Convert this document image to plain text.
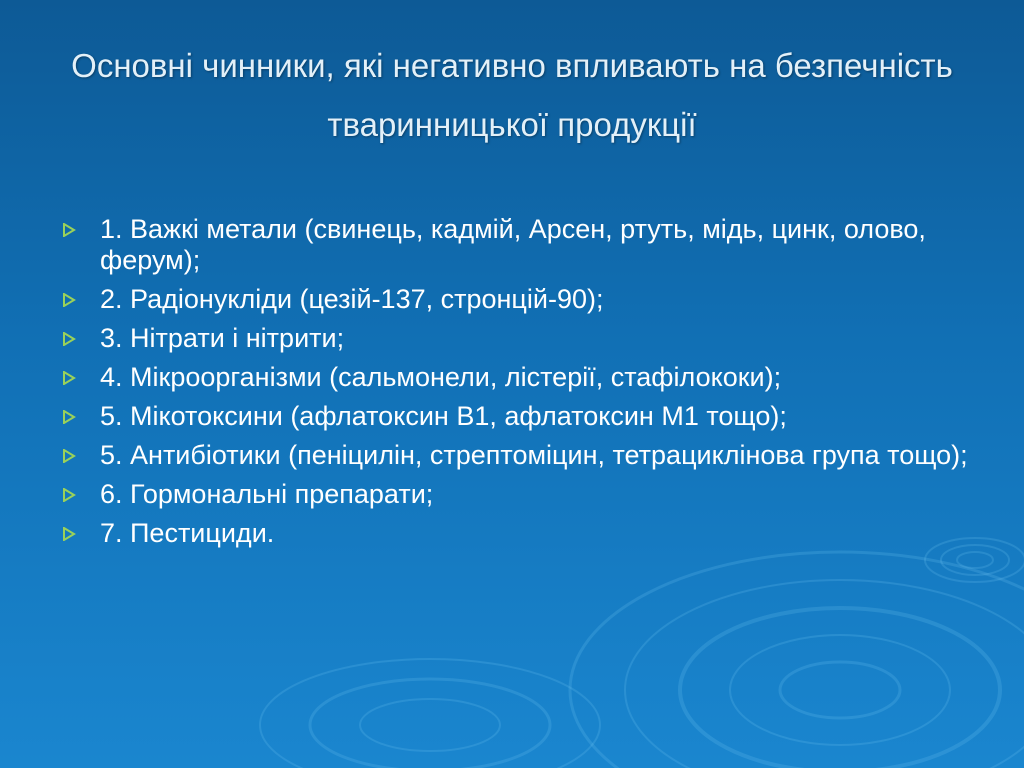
Основні чинники, які негативно впливають на безпечність тваринницької продукції
1. Важкі метали (свинець, кадмій, Арсен, ртуть, мідь, цинк, олово, ферум);
2. Радіонукліди (цезій-137, стронцій-90);
3. Нітрати і нітрити;
4. Мікроорганізми (сальмонели, лістерії, стафілококи);
5. Мікотоксини (афлатоксин В1, афлатоксин М1 тощо);
5. Антибіотики (пеніцилін, стрептоміцин, тетрациклінова група тощо);
6. Гормональні препарати;
7. Пестициди.
